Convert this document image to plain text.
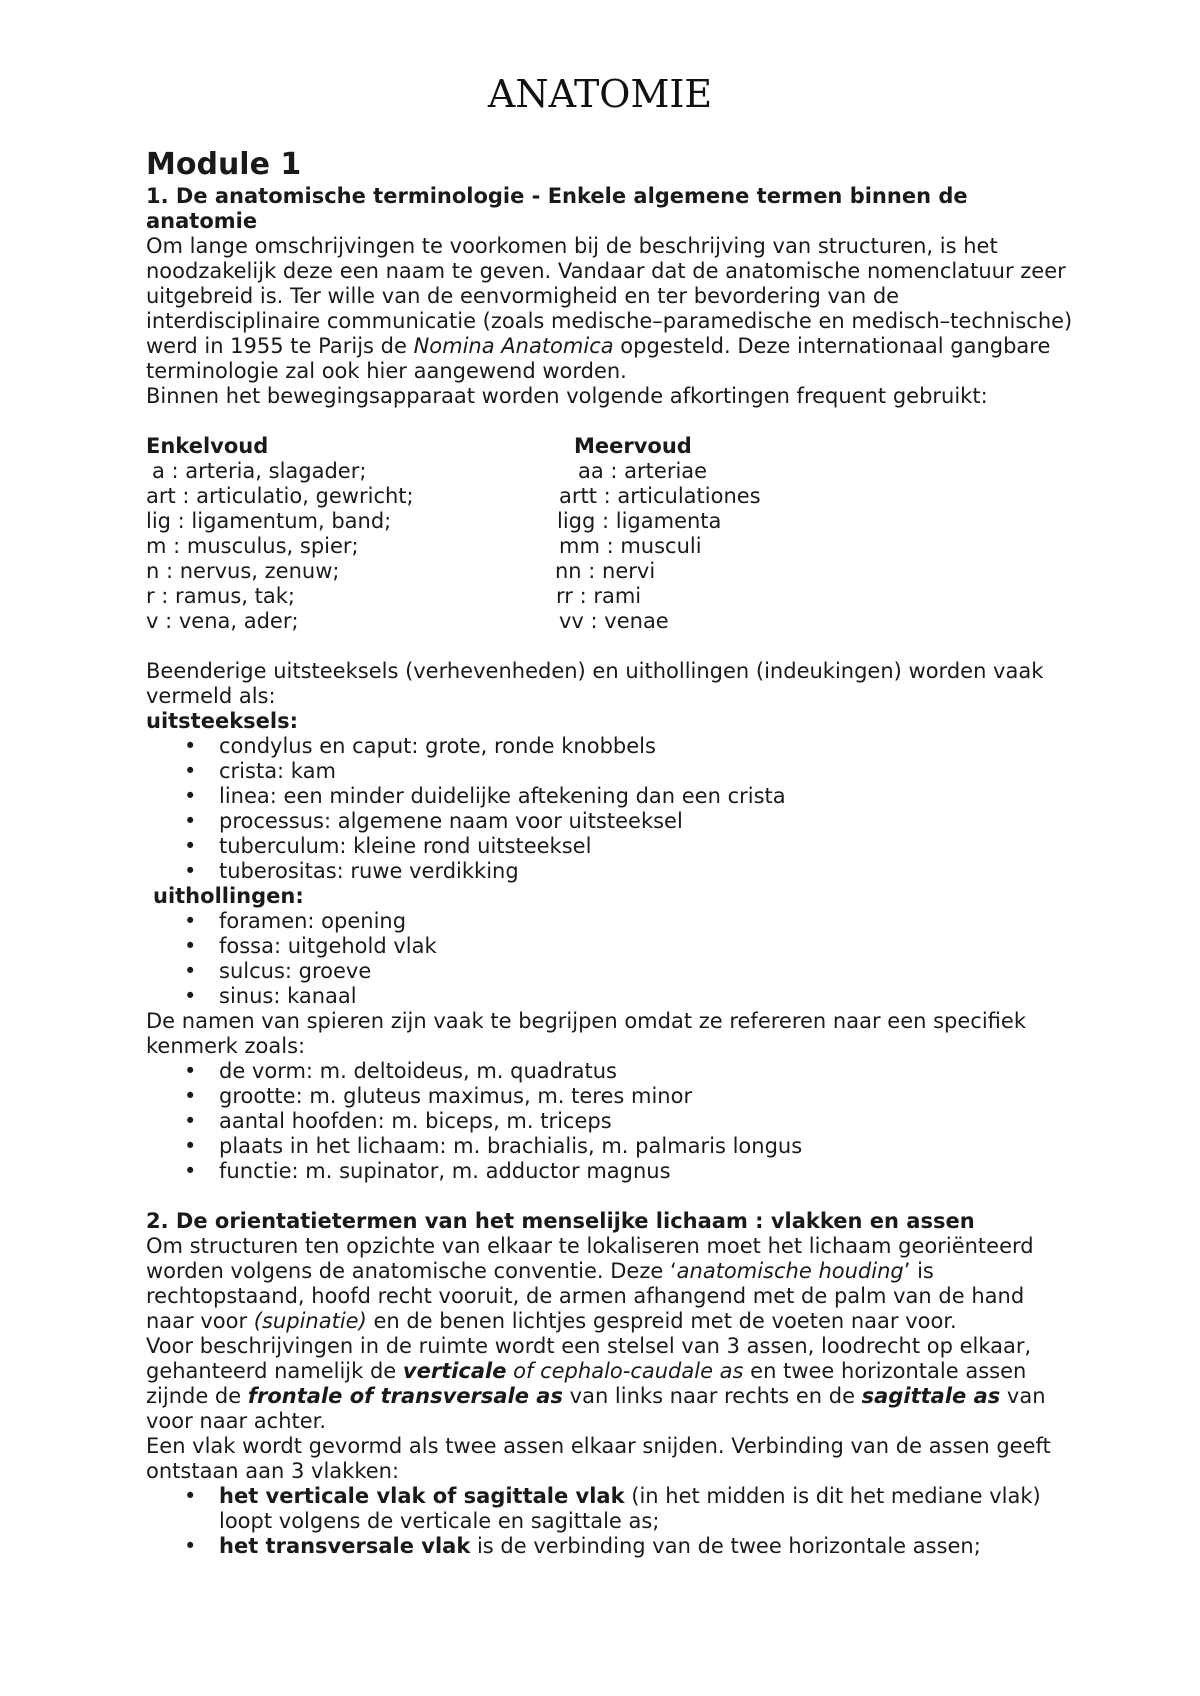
ANATOMIE
Module 1
1. De anatomische terminologie - Enkele algemene termen binnen de anatomie

Om lange omschrijvingen te voorkomen bij de beschrijving van structuren, is het noodzakelijk deze een naam te geven. Vandaar dat de anatomische nomenclatuur zeer uitgebreid is. Ter wille van de eenvormigheid en ter bevordering van de interdisciplinaire communicatie (zoals medische–paramedische en medisch–technische) werd in 1955 te Parijs de Nomina Anatomica opgesteld. Deze internationaal gangbare terminologie zal ook hier aangewend worden.

Binnen het bewegingsapparaat worden volgende afkortingen frequent gebruikt:

Enkelvoud	Meervoud
a : arteria, slagader;	aa : arteriae
art : articulatio, gewricht;	artt : articulationes
lig : ligamentum, band;	ligg : ligamenta
m : musculus, spier;	mm : musculi
n : nervus, zenuw;	nn : nervi
r : ramus, tak;	rr : rami
v : vena, ader;	vv : venae

Beenderige uitsteeksels (verhevenheden) en uithollingen (indeukingen) worden vaak vermeld als:

uitsteeksels:

• condylus en caput: grote, ronde knobbels
• crista: kam
• linea: een minder duidelijke aftekening dan een crista
• processus: algemene naam voor uitsteeksel
• tuberculum: kleine rond uitsteeksel
• tuberositas: ruwe verdikking

uithollingen:

• foramen: opening
• fossa: uitgehold vlak
• sulcus: groeve
• sinus: kanaal

De namen van spieren zijn vaak te begrijpen omdat ze refereren naar een specifiek kenmerk zoals:

• de vorm: m. deltoideus, m. quadratus
• grootte: m. gluteus maximus, m. teres minor
• aantal hoofden: m. biceps, m. triceps
• plaats in het lichaam: m. brachialis, m. palmaris longus
• functie: m. supinator, m. adductor magnus
2. De orientatietermen van het menselijke lichaam : vlakken en assen

Om structuren ten opzichte van elkaar te lokaliseren moet het lichaam georiënteerd worden volgens de anatomische conventie. Deze ‘anatomische houding’ is rechtopstaand, hoofd recht vooruit, de armen afhangend met de palm van de hand naar voor (supinatie) en de benen lichtjes gespreid met de voeten naar voor.

Voor beschrijvingen in de ruimte wordt een stelsel van 3 assen, loodrecht op elkaar, gehanteerd namelijk de verticale of cephalo-caudale as en twee horizontale assen zijnde de frontale of transversale as van links naar rechts en de sagittale as van voor naar achter.

Een vlak wordt gevormd als twee assen elkaar snijden. Verbinding van de assen geeft ontstaan aan 3 vlakken:

• het verticale vlak of sagittale vlak (in het midden is dit het mediane vlak) loopt volgens de verticale en sagittale as;
• het transversale vlak is de verbinding van de twee horizontale assen;
